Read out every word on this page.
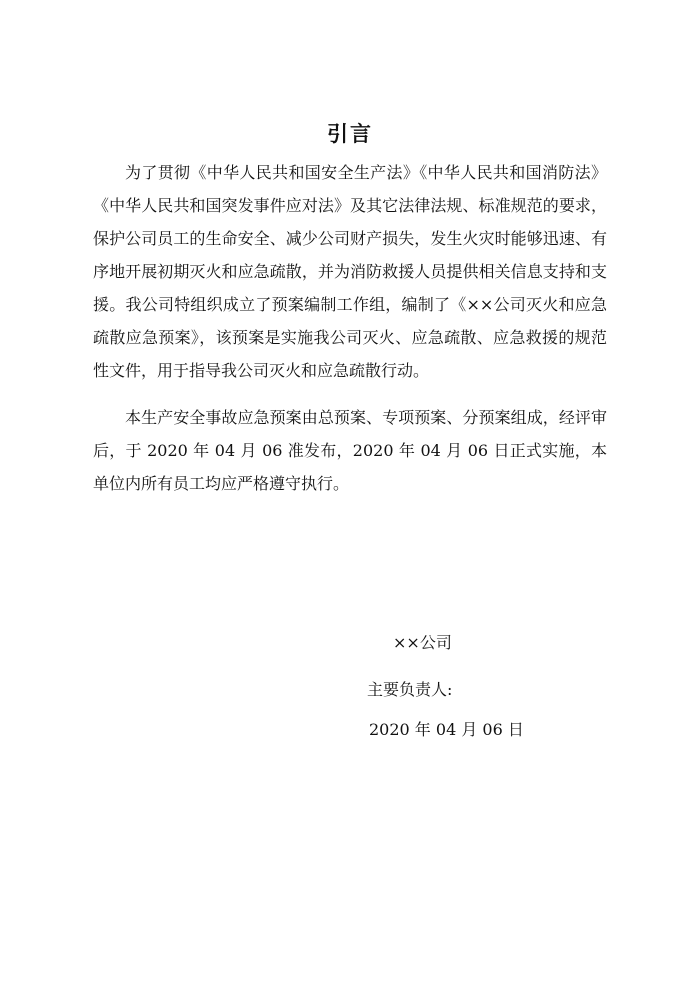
引言

为了贯彻《中华人民共和国安全生产法》《中华人民共和国消防法》《中华人民共和国突发事件应对法》及其它法律法规、标准规范的要求，保护公司员工的生命安全、减少公司财产损失，发生火灾时能够迅速、有序地开展初期灭火和应急疏散，并为消防救援人员提供相关信息支持和支援。我公司特组织成立了预案编制工作组，编制了《××公司灭火和应急疏散应急预案》，该预案是实施我公司灭火、应急疏散、应急救援的规范性文件，用于指导我公司灭火和应急疏散行动。

本生产安全事故应急预案由总预案、专项预案、分预案组成，经评审后，于 2020 年 04 月 06 准发布，2020 年 04 月 06 日正式实施，本单位内所有员工均应严格遵守执行。

××公司
主要负责人:
2020 年 04 月 06 日
